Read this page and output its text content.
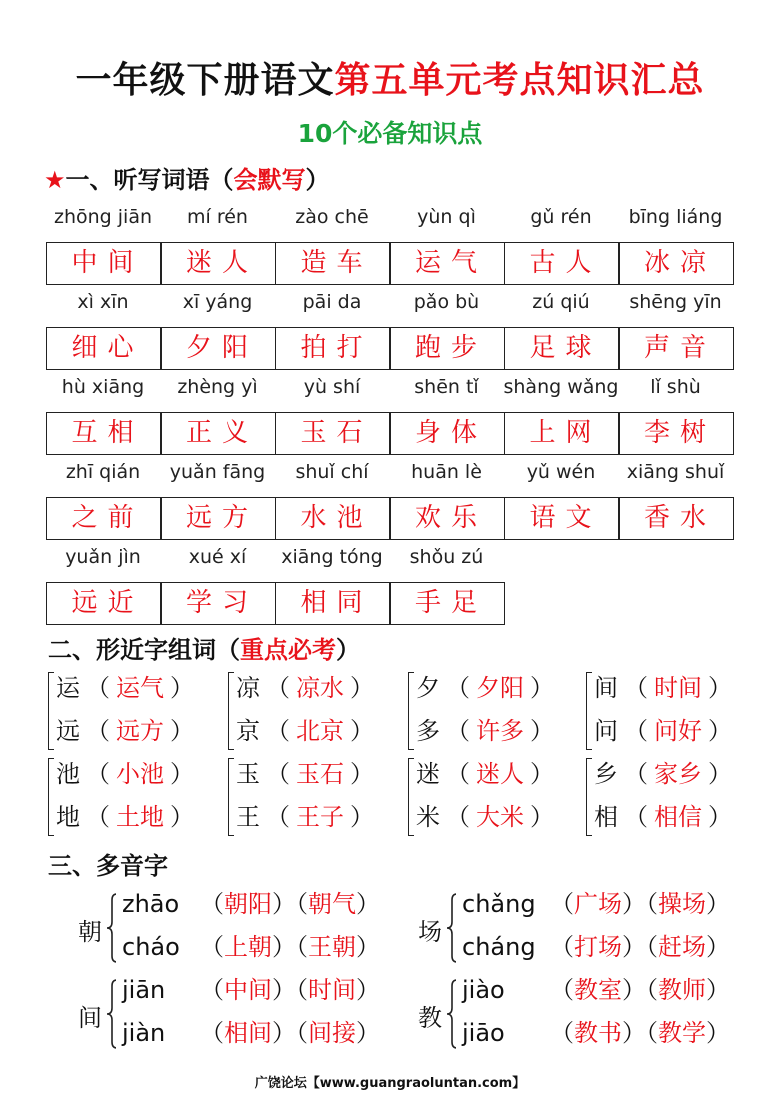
一年级下册语文第五单元考点知识汇总
10个必备知识点
★一、听写词语（会默写）
zhōng jiān
中间
mí rén
迷人
zào chē
造车
yùn qì
运气
gǔ rén
古人
bīng liáng
冰凉
xì xīn
细心
xī yáng
夕阳
pāi da
拍打
pǎo bù
跑步
zú qiú
足球
shēng yīn
声音
hù xiāng
互相
zhèng yì
正义
yù shí
玉石
shēn tǐ
身体
shàng wǎng
上网
lǐ shù
李树
zhī qián
之前
yuǎn fāng
远方
shuǐ chí
水池
huān lè
欢乐
yǔ wén
语文
xiāng shuǐ
香水
yuǎn jìn
远近
xué xí
学习
xiāng tóng
相同
shǒu zú
手足
二、形近字组词（重点必考）
运 （ 运气 ）
远 （ 远方 ）
凉 （ 凉水 ）
京 （ 北京 ）
夕 （ 夕阳 ）
多 （ 许多 ）
间 （ 时间 ）
问 （ 问好 ）
池 （ 小池 ）
地 （ 土地 ）
玉 （ 玉石 ）
王 （ 王子 ）
迷 （ 迷人 ）
米 （ 大米 ）
乡 （ 家乡 ）
相 （ 相信 ）
三、多音字
朝
zhāo （朝阳）（朝气）
cháo （上朝）（王朝）
场
chǎng （广场）（操场）
cháng （打场）（赶场）
间
jiān （中间）（时间）
jiàn （相间）（间接）
教
jiào （教室）（教师）
jiāo （教书）（教学）
广饶论坛【www.guangraoluntan.com】
